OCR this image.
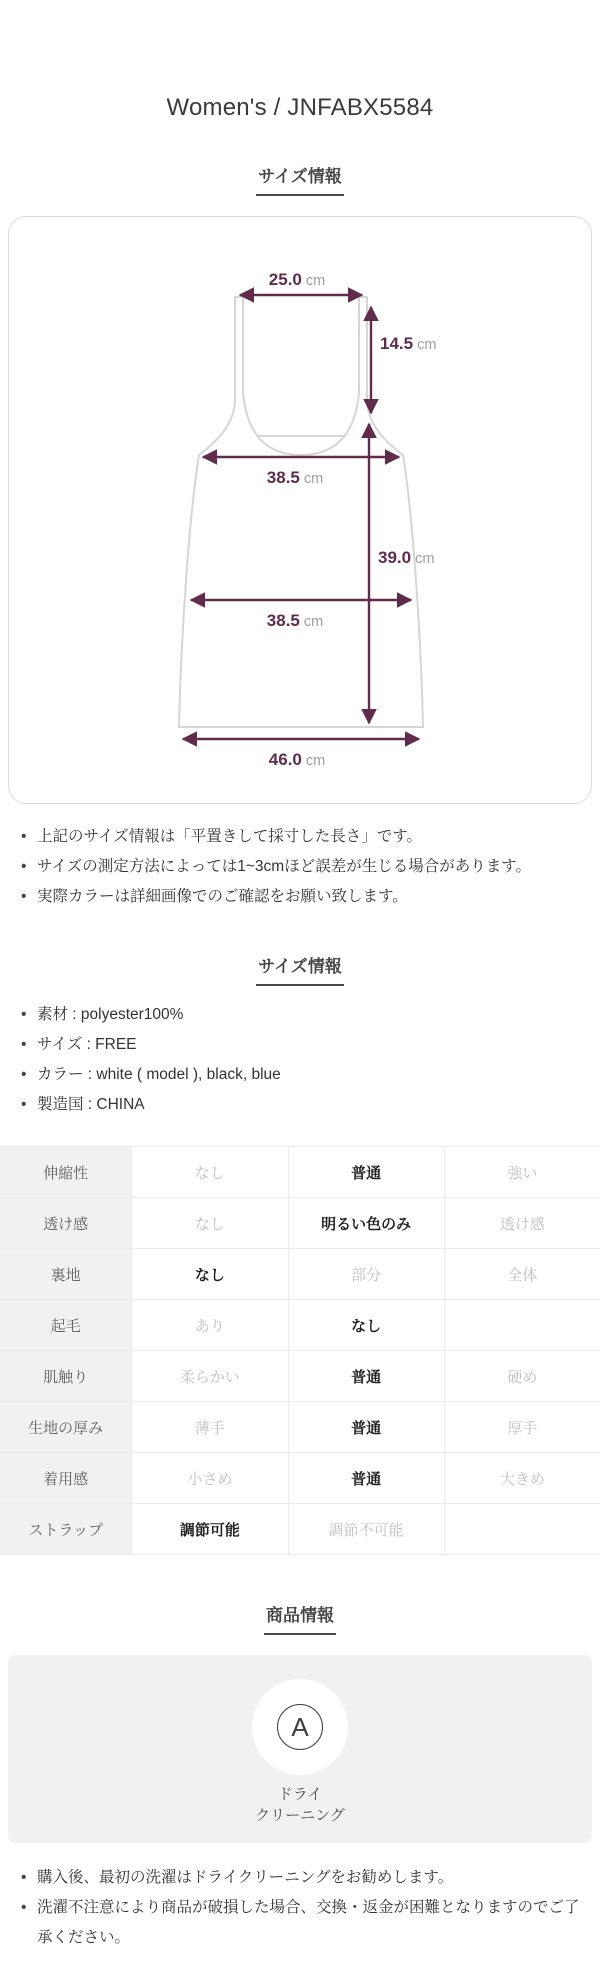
Women's / JNFABX5584
サイズ情報
25.0 cm
14.5 cm
38.5 cm
39.0 cm
38.5 cm
46.0 cm
• 上記のサイズ情報は「平置きして採寸した長さ」です。
• サイズの測定方法によっては1~3cmほど誤差が生じる場合があります。
• 実際カラーは詳細画像でのご確認をお願い致します。
サイズ情報
• 素材 : polyester100%
• サイズ : FREE
• カラー : white ( model ), black, blue
• 製造国 : CHINA
伸縮性	なし	普通	強い
透け感	なし	明るい色のみ	透け感
裏地	なし	部分	全体
起毛	あり	なし	
肌触り	柔らかい	普通	硬め
生地の厚み	薄手	普通	厚手
着用感	小さめ	普通	大きめ
ストラップ	調節可能	調節不可能	
商品情報
A
ドライ
クリーニング
• 購入後、最初の洗濯はドライクリーニングをお勧めします。
• 洗濯不注意により商品が破損した場合、交換・返金が困難となりますのでご了承ください。
